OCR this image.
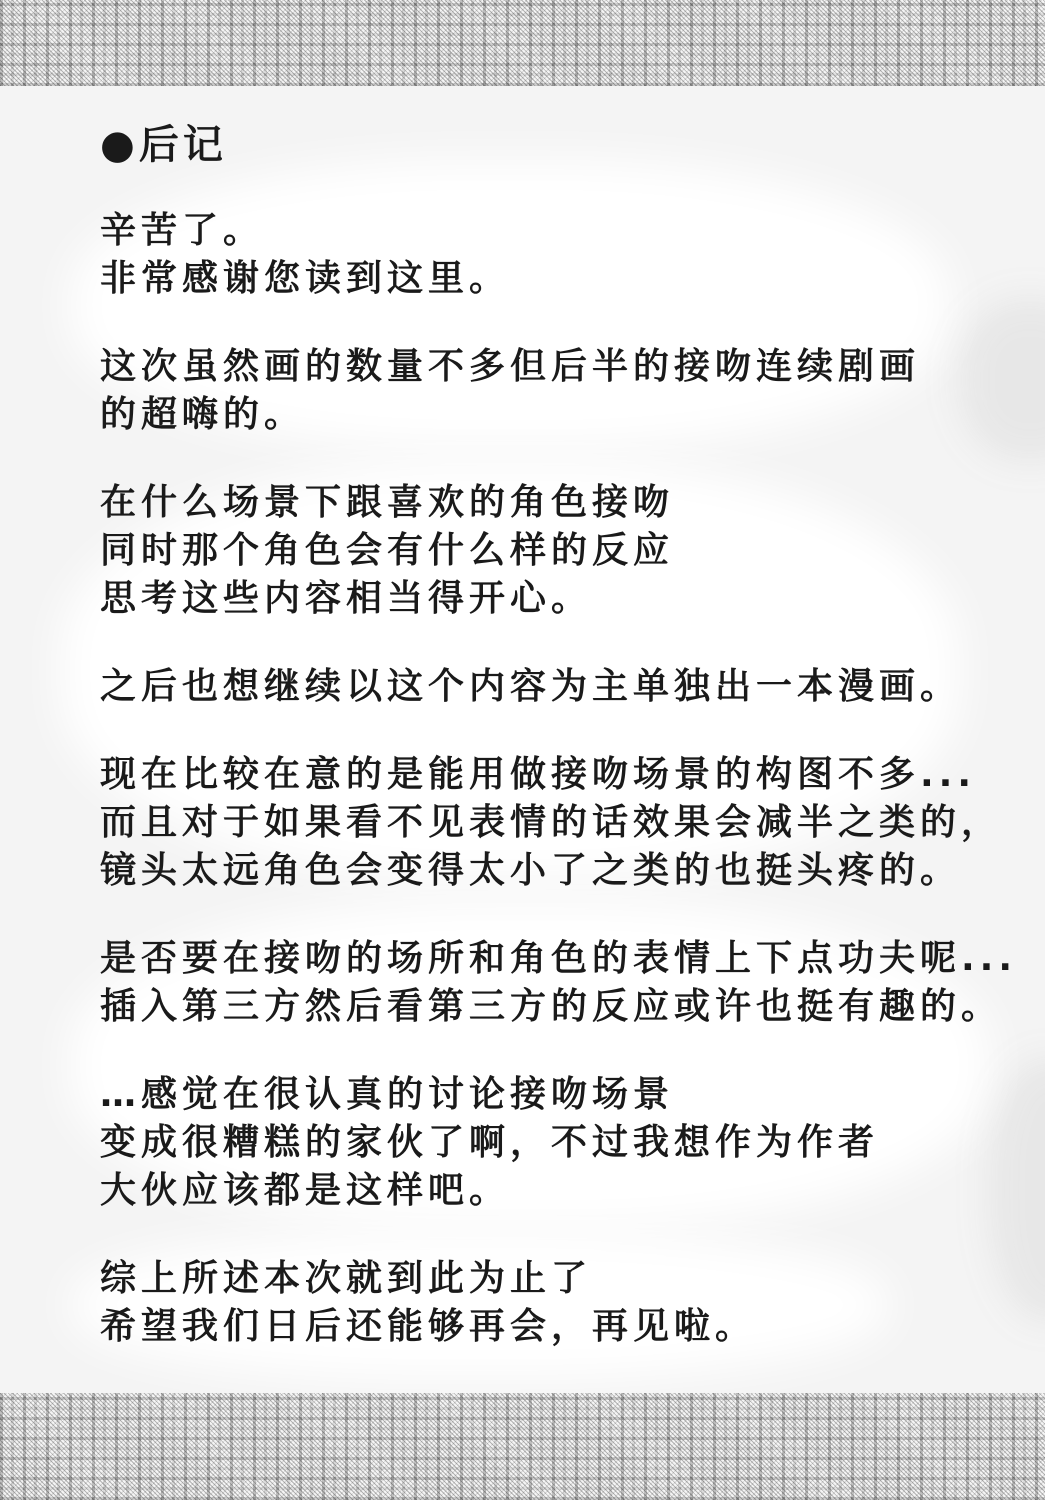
●后记
辛苦了。
非常感谢您读到这里。
这次虽然画的数量不多但后半的接吻连续剧画
的超嗨的。
在什么场景下跟喜欢的角色接吻
同时那个角色会有什么样的反应
思考这些内容相当得开心。
之后也想继续以这个内容为主单独出一本漫画。
现在比较在意的是能用做接吻场景的构图不多...
而且对于如果看不见表情的话效果会减半之类的，
镜头太远角色会变得太小了之类的也挺头疼的。
是否要在接吻的场所和角色的表情上下点功夫呢...
插入第三方然后看第三方的反应或许也挺有趣的。
…感觉在很认真的讨论接吻场景
变成很糟糕的家伙了啊，不过我想作为作者
大伙应该都是这样吧。
综上所述本次就到此为止了
希望我们日后还能够再会，再见啦。
